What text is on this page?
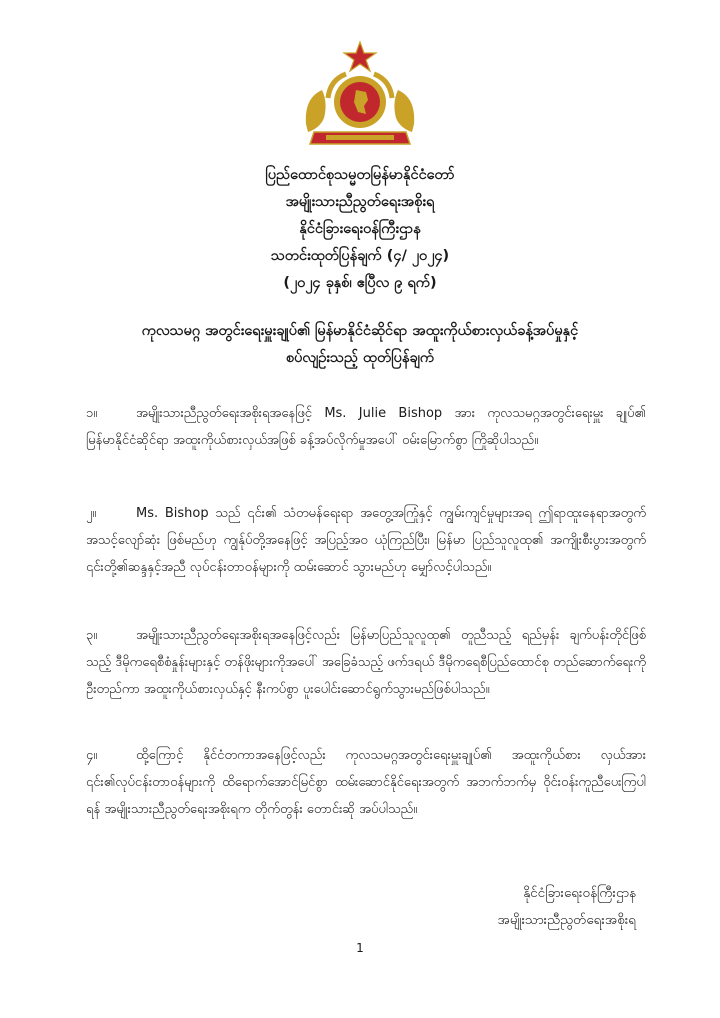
ပြည်ထောင်စုသမ္မတမြန်မာနိုင်ငံတော်
အမျိုးသားညီညွတ်ရေးအစိုးရ
နိုင်ငံခြားရေးဝန်ကြီးဌာန
သတင်းထုတ်ပြန်ချက် (၄/ ၂၀၂၄)
(၂၀၂၄ ခုနှစ်၊ ဧပြီလ ၉ ရက်)
ကုလသမဂ္ဂ အတွင်းရေးမှူးချုပ်၏ မြန်မာနိုင်ငံဆိုင်ရာ အထူးကိုယ်စားလှယ်ခန့်အပ်မှုနှင့်
စပ်လျဉ်းသည့် ထုတ်ပြန်ချက်
၁။	အမျိုးသားညီညွတ်ရေးအစိုးရအနေဖြင့် Ms. Julie Bishop အား ကုလသမဂ္ဂအတွင်းရေးမှူး ချုပ်၏ မြန်မာနိုင်ငံဆိုင်ရာ အထူးကိုယ်စားလှယ်အဖြစ် ခန့်အပ်လိုက်မှုအပေါ် ဝမ်းမြောက်စွာ ကြိုဆိုပါသည်။
၂။	Ms. Bishop သည် ၎င်း၏ သံတမန်ရေးရာ အတွေ့အကြုံနှင့် ကျွမ်းကျင်မှုများအရ ဤရာထူးနေရာအတွက် အသင့်လျော်ဆုံး ဖြစ်မည်ဟု ကျွန်ုပ်တို့အနေဖြင့် အပြည့်အဝ ယုံကြည်ပြီး၊ မြန်မာ ပြည်သူလူထု၏ အကျိုးစီးပွားအတွက် ၎င်းတို့၏ဆန္ဒနှင့်အညီ လုပ်ငန်းတာဝန်များကို ထမ်းဆောင် သွားမည်ဟု မျှော်လင့်ပါသည်။
၃။	အမျိုးသားညီညွတ်ရေးအစိုးရအနေဖြင့်လည်း မြန်မာပြည်သူလူထု၏ တူညီသည့် ရည်မှန်း ချက်ပန်းတိုင်ဖြစ်သည့် ဒီမိုကရေစီစံနှုန်းများနှင့် တန်ဖိုးများကိုအပေါ် အခြေခံသည့် ဖက်ဒရယ် ဒီမိုကရေစီပြည်ထောင်စု တည်ဆောက်ရေးကို ဦးတည်ကာ အထူးကိုယ်စားလှယ်နှင့် နီးကပ်စွာ ပူးပေါင်းဆောင်ရွက်သွားမည်ဖြစ်ပါသည်။
၄။	ထို့ကြောင့် နိုင်ငံတကာအနေဖြင့်လည်း ကုလသမဂ္ဂအတွင်းရေးမှူးချုပ်၏ အထူးကိုယ်စား လှယ်အား ၎င်း၏လုပ်ငန်းတာဝန်များကို ထိရောက်အောင်မြင်စွာ ထမ်းဆောင်နိုင်ရေးအတွက် အဘက်ဘက်မှ ဝိုင်းဝန်းကူညီပေးကြပါရန် အမျိုးသားညီညွတ်ရေးအစိုးရက တိုက်တွန်း တောင်းဆို အပ်ပါသည်။
နိုင်ငံခြားရေးဝန်ကြီးဌာန
အမျိုးသားညီညွတ်ရေးအစိုးရ
1
